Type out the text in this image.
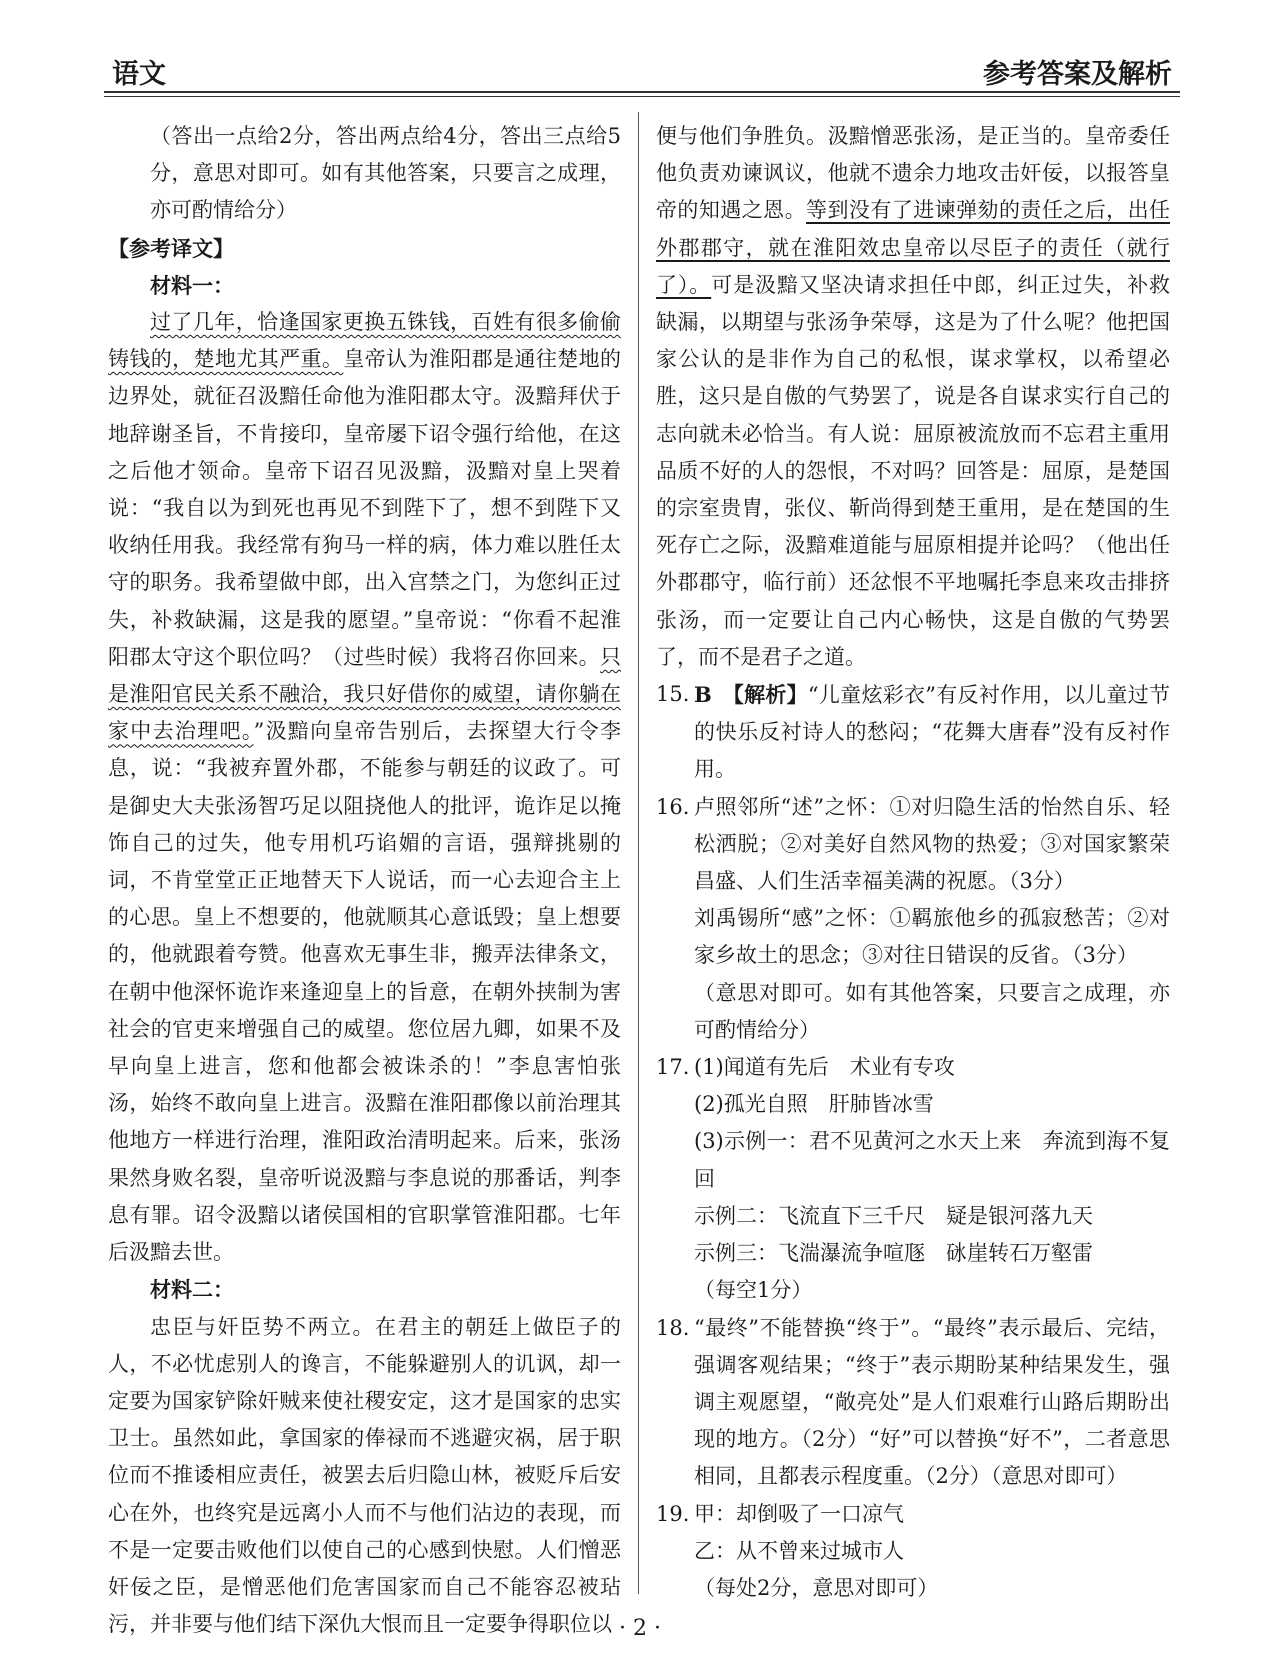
语文	参考答案及解析

（答出一点给2分，答出两点给4分，答出三点给5分，意思对即可。如有其他答案，只要言之成理，亦可酌情给分）

【参考译文】

材料一：

过了几年，恰逢国家更换五铢钱，百姓有很多偷偷铸钱的，楚地尤其严重。皇帝认为淮阳郡是通往楚地的边界处，就征召汲黯任命他为淮阳郡太守。汲黯拜伏于地辞谢圣旨，不肯接印，皇帝屡下诏令强行给他，在这之后他才领命。皇帝下诏召见汲黯，汲黯对皇上哭着说：“我自以为到死也再见不到陛下了，想不到陛下又收纳任用我。我经常有狗马一样的病，体力难以胜任太守的职务。我希望做中郎，出入宫禁之门，为您纠正过失，补救缺漏，这是我的愿望。”皇帝说：“你看不起淮阳郡太守这个职位吗？（过些时候）我将召你回来。只是淮阳官民关系不融洽，我只好借你的威望，请你躺在家中去治理吧。”汲黯向皇帝告别后，去探望大行令李息，说：“我被弃置外郡，不能参与朝廷的议政了。可是御史大夫张汤智巧足以阻挠他人的批评，诡诈足以掩饰自己的过失，他专用机巧谄媚的言语，强辩挑剔的词，不肯堂堂正正地替天下人说话，而一心去迎合主上的心思。皇上不想要的，他就顺其心意诋毁；皇上想要的，他就跟着夸赞。他喜欢无事生非，搬弄法律条文，在朝中他深怀诡诈来逢迎皇上的旨意，在朝外挟制为害社会的官吏来增强自己的威望。您位居九卿，如果不及早向皇上进言，您和他都会被诛杀的！”李息害怕张汤，始终不敢向皇上进言。汲黯在淮阳郡像以前治理其他地方一样进行治理，淮阳政治清明起来。后来，张汤果然身败名裂，皇帝听说汲黯与李息说的那番话，判李息有罪。诏令汲黯以诸侯国相的官职掌管淮阳郡。七年后汲黯去世。

材料二：

忠臣与奸臣势不两立。在君主的朝廷上做臣子的人，不必忧虑别人的谗言，不能躲避别人的讥讽，却一定要为国家铲除奸贼来使社稷安定，这才是国家的忠实卫士。虽然如此，拿国家的俸禄而不逃避灾祸，居于职位而不推诿相应责任，被罢去后归隐山林，被贬斥后安心在外，也终究是远离小人而不与他们沾边的表现，而不是一定要击败他们以使自己的心感到快慰。人们憎恶奸佞之臣，是憎恶他们危害国家而自己不能容忍被玷污，并非要与他们结下深仇大恨而且一定要争得职位以

便与他们争胜负。汲黯憎恶张汤，是正当的。皇帝委任他负责劝谏讽议，他就不遗余力地攻击奸佞，以报答皇帝的知遇之恩。等到没有了进谏弹劾的责任之后，出任外郡郡守，就在淮阳效忠皇帝以尽臣子的责任（就行了）。可是汲黯又坚决请求担任中郎，纠正过失，补救缺漏，以期望与张汤争荣辱，这是为了什么呢？他把国家公认的是非作为自己的私恨，谋求掌权，以希望必胜，这只是自傲的气势罢了，说是各自谋求实行自己的志向就未必恰当。有人说：屈原被流放而不忘君主重用品质不好的人的怨恨，不对吗？回答是：屈原，是楚国的宗室贵胄，张仪、靳尚得到楚王重用，是在楚国的生死存亡之际，汲黯难道能与屈原相提并论吗？（他出任外郡郡守，临行前）还忿恨不平地嘱托李息来攻击排挤张汤，而一定要让自己内心畅快，这是自傲的气势罢了，而不是君子之道。

15. B　【解析】“儿童炫彩衣”有反衬作用，以儿童过节的快乐反衬诗人的愁闷；“花舞大唐春”没有反衬作用。
16. 卢照邻所“述”之怀：①对归隐生活的怡然自乐、轻松洒脱；②对美好自然风物的热爱；③对国家繁荣昌盛、人们生活幸福美满的祝愿。（3分）

刘禹锡所“感”之怀：①羁旅他乡的孤寂愁苦；②对家乡故土的思念；③对往日错误的反省。（3分）

（意思对即可。如有其他答案，只要言之成理，亦可酌情给分）

17. (1)闻道有先后　术业有专攻

(2)孤光自照　肝肺皆冰雪

(3)示例一：君不见黄河之水天上来　奔流到海不复回

示例二：飞流直下三千尺　疑是银河落九天

示例三：飞湍瀑流争喧豗　砯崖转石万壑雷

（每空1分）

18. “最终”不能替换“终于”。“最终”表示最后、完结，强调客观结果；“终于”表示期盼某种结果发生，强调主观愿望，“敞亮处”是人们艰难行山路后期盼出现的地方。（2分）“好”可以替换“好不”，二者意思相同，且都表示程度重。（2分）（意思对即可）

19. 甲：却倒吸了一口凉气

乙：从不曾来过城市人

（每处2分，意思对即可）

· 2 ·
